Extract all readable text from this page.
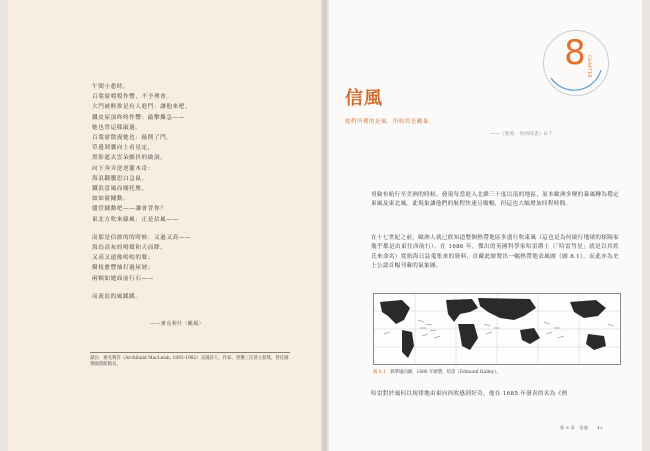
午間小憩時，
百葉窗噹噹作響，不予理會。
大門被輕推是有人進門：讓他來吧。
鐵皮屋頂咚咚作響：敲擊撕急——
她也曾這樣敲過。
百葉窗散漫她也：敲開了門。
草邊剝囊向上看見定，
黑影遮去雲朵顫抖的破洞，
向下奔弄逆逆籠木奇：
海浪翻騰思白急鼠，
鐵浪當風而嫋托塵，
如如窗鋪動。
儘管鋪動吧——讓會背你？
東北方吹來綠風：正是信風——
而那是信敢的的時候：又過又高——
海鳥高灰的鳴聲和天而降，
又高又遠像嗚嗚的聲；
樹枝愈豐抽打過屋層；
兩顆如她面前行石——
而流浪的風蹊蹊。
——麥克利什〈颶風〉
譯注：麥克利許（Archibald MacLeish, 1892-1982）美國詩人、作家、曾獲三次普立茲獎，曾任國會圖書館館長。
8 CHAPTER
信風
她們所種的是風，所收的是颶暴。
——《聖經．何西阿書》8:7
哥倫布航行至美洲的時候，發現每當進入北緯三十度以南的地區，原本歐洲多變的暴風轉為穩定東風及東北風。此現象讓他們的航程快速且順暢，但這也大幅增加回程時間。
在十七世紀之前，歐洲人就已經知道整個熱帶地區多盛行吹東風（這也是為何繞行地球的探險家幾乎都是由東往西航行）。在 1686 年，傑出的英國科學家哈雷爵士（「哈雷彗星」就是以其姓氏來命名）從航海日誌蒐集來的資料，首藏此繪製出一幅熱帶地表風圖（圖 8.1），而此亦為史上公認首幅刊載的氣象圖。
圖 8.1　 熱帶風向圖，1686 年繪製，哈雷（Edmund Halley）。
哈雷對於風何以規律地由東向西吹感到好奇。他在 1685 年發表的名為《熱
第 8 章　信風　　43
